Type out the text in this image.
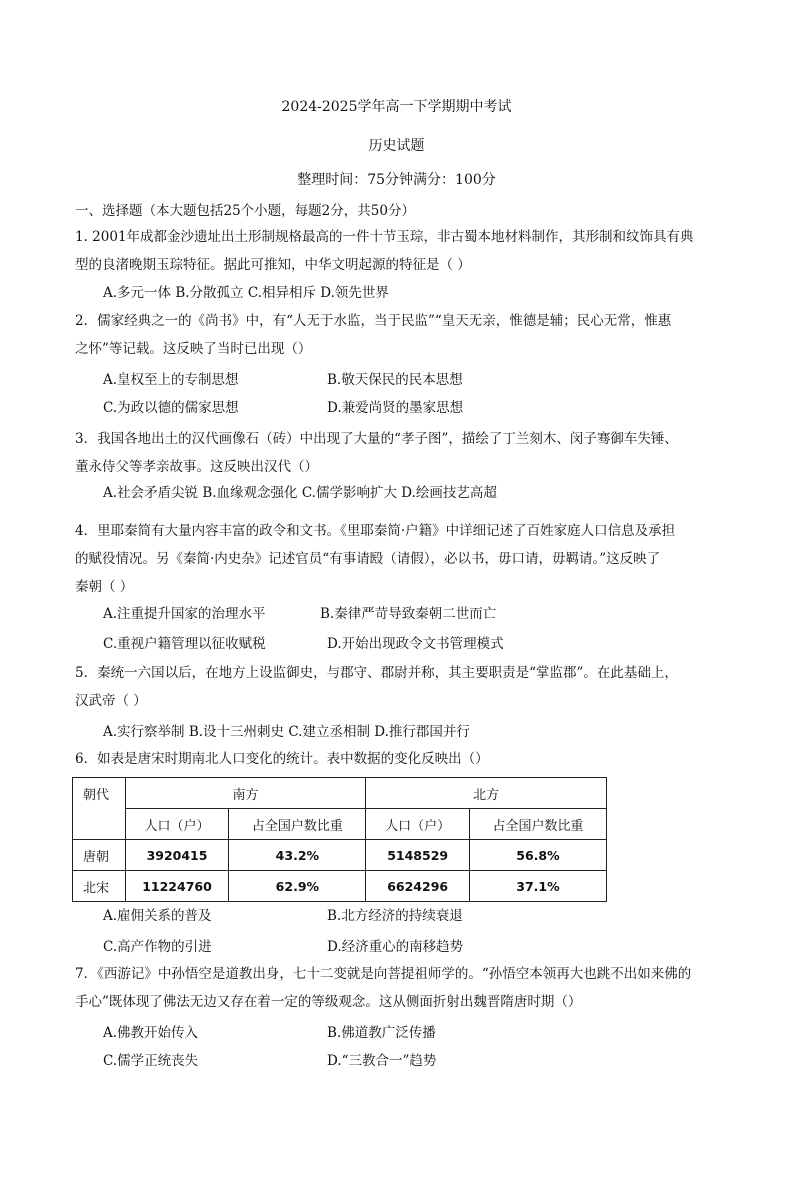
2024-2025学年高一下学期期中考试
历史试题
整理时间：75分钟满分：100分
一、选择题（本大题包括25个小题，每题2分，共50分）
1. 2001年成都金沙遗址出土形制规格最高的一件十节玉琮，非古蜀本地材料制作，其形制和纹饰具有典
型的良渚晚期玉琮特征。据此可推知，中华文明起源的特征是（ ）
A.多元一体 B.分散孤立 C.相异相斥 D.领先世界
2．儒家经典之一的《尚书》中，有“人无于水监，当于民监”“皇天无亲，惟德是辅；民心无常，惟惠
之怀”等记载。这反映了当时已出现（）
A.皇权至上的专制思想	B.敬天保民的民本思想
C.为政以德的儒家思想	D.兼爱尚贤的墨家思想
3．我国各地出土的汉代画像石（砖）中出现了大量的“孝子图”，描绘了丁兰刻木、闵子骞御车失锤、
董永侍父等孝亲故事。这反映出汉代（）
A.社会矛盾尖锐 B.血缘观念强化 C.儒学影响扩大 D.绘画技艺高超
4．里耶秦简有大量内容丰富的政令和文书。《里耶秦简·户籍》中详细记述了百姓家庭人口信息及承担
的赋役情况。另《秦简·内史杂》记述官员“有事请殹（请假），必以书，毋口请，毋羁请。”这反映了
秦朝（ ）
A.注重提升国家的治理水平	B.秦律严苛导致秦朝二世而亡
C.重视户籍管理以征收赋税	D.开始出现政令文书管理模式
5．秦统一六国以后，在地方上设监御史，与郡守、郡尉并称，其主要职责是“掌监郡”。在此基础上，
汉武帝（ ）
A.实行察举制 B.设十三州刺史 C.建立丞相制 D.推行郡国并行
6．如表是唐宋时期南北人口变化的统计。表中数据的变化反映出（）
朝代	南方		北方	
	人口（户）	占全国户数比重	人口（户）	占全国户数比重
唐朝	3920415	43.2%	5148529	56.8%
北宋	11224760	62.9%	6624296	37.1%
A.雇佣关系的普及	B.北方经济的持续衰退
C.高产作物的引进	D.经济重心的南移趋势
7．《西游记》中孙悟空是道教出身，七十二变就是向菩提祖师学的。“孙悟空本领再大也跳不出如来佛的
手心”既体现了佛法无边又存在着一定的等级观念。这从侧面折射出魏晋隋唐时期（）
A.佛教开始传入	B.佛道教广泛传播
C.儒学正统丧失	D.“三教合一”趋势
